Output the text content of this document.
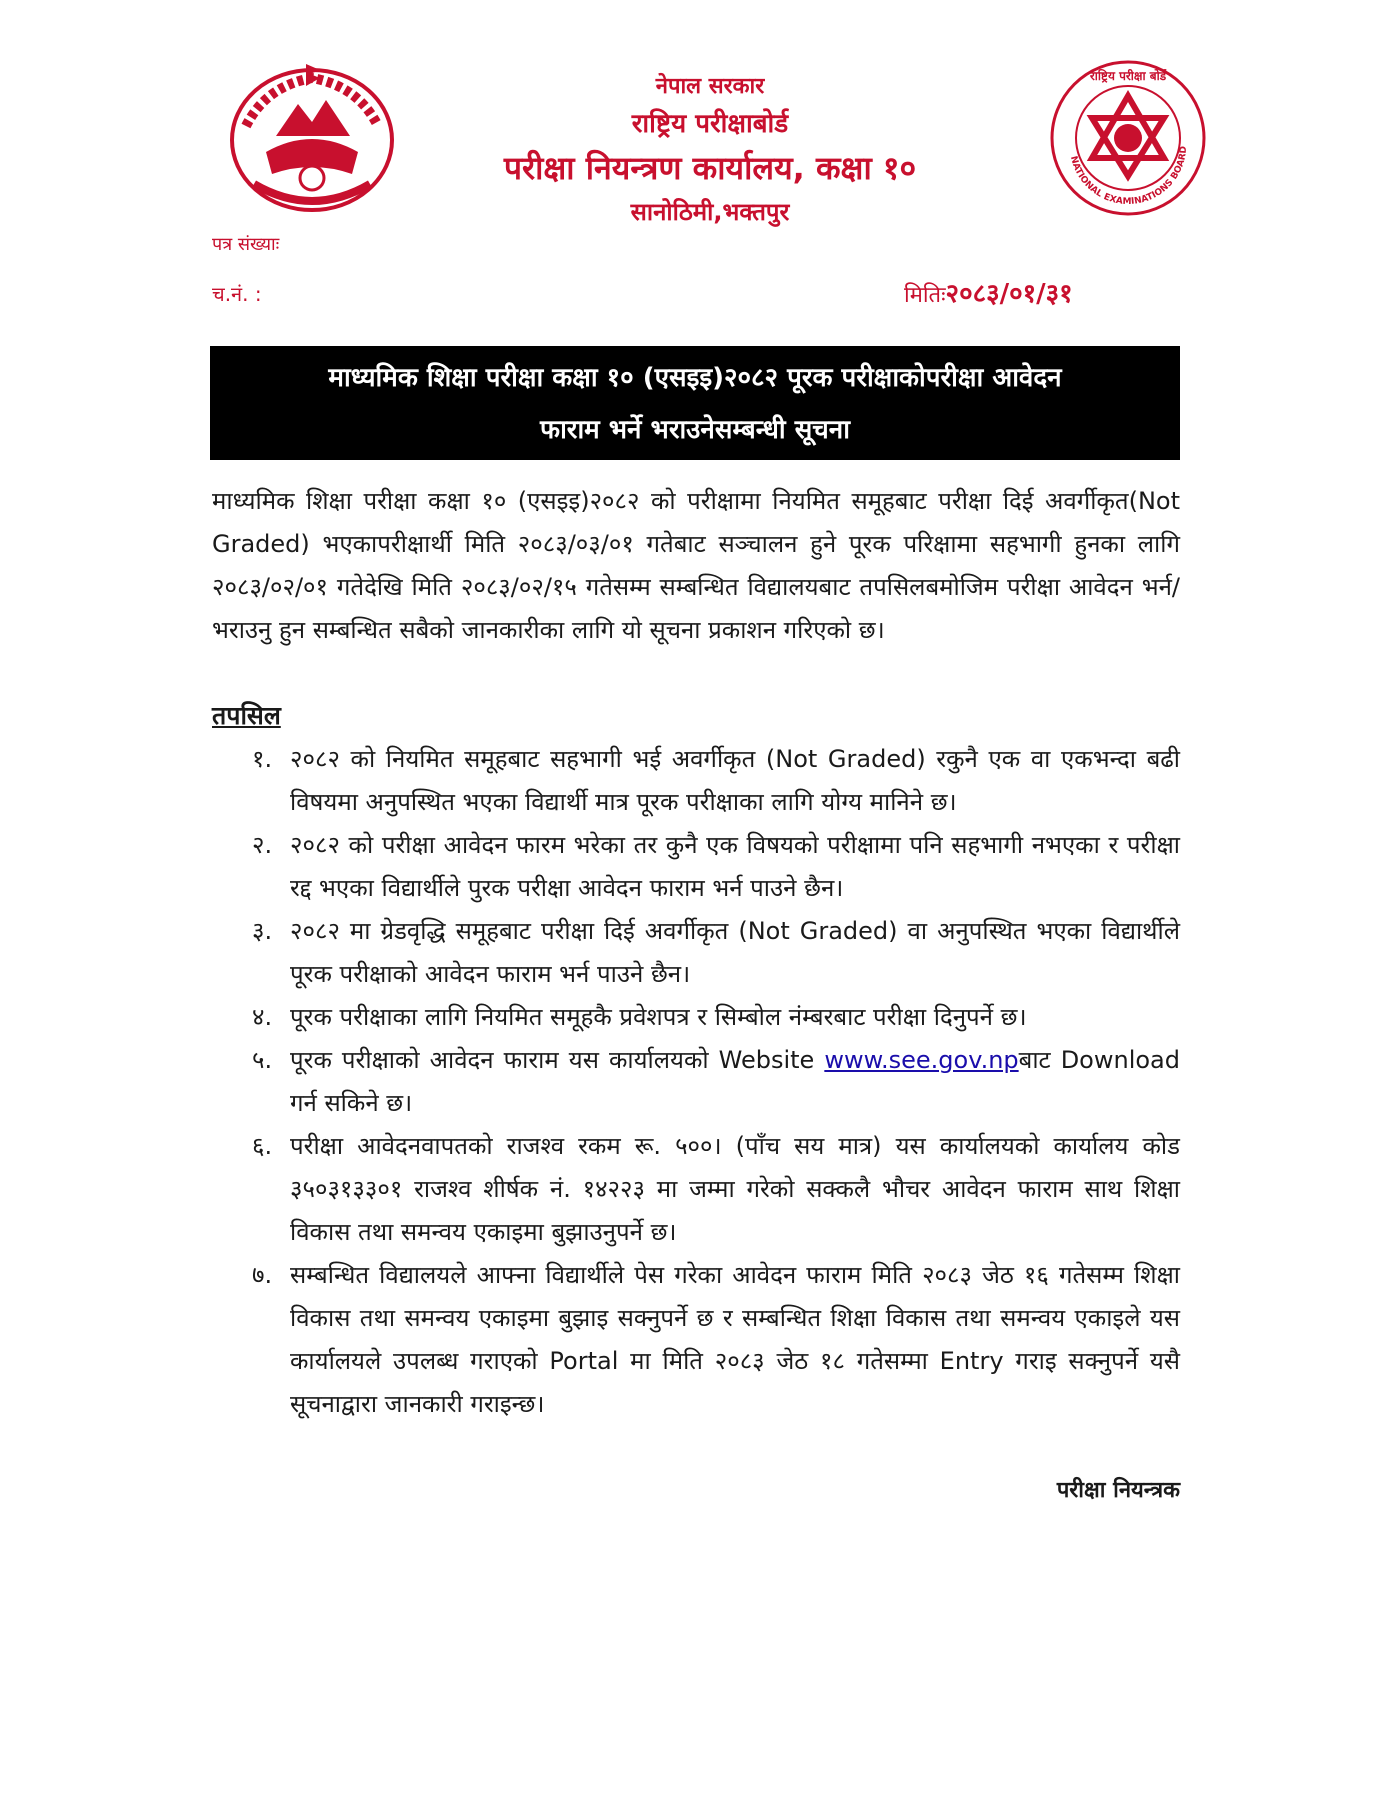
नेपाल सरकार
राष्ट्रिय परीक्षाबोर्ड
परीक्षा नियन्त्रण कार्यालय, कक्षा १०
सानोठिमी,भक्तपुर
NATIONAL EXAMINATIONS BOARD
राष्ट्रिय परीक्षा बोर्ड
पत्र संख्याः
च.नं. :	मितिः२०८३/०१/३१
माध्यमिक शिक्षा परीक्षा कक्षा १० (एसइइ)२०८२ पूरक परीक्षाकोपरीक्षा आवेदन
फाराम भर्ने भराउनेसम्बन्धी सूचना
माध्यमिक शिक्षा परीक्षा कक्षा १० (एसइइ)२०८२ को परीक्षामा नियमित समूहबाट परीक्षा दिई अवर्गीकृत(Not Graded) भएकापरीक्षार्थी मिति २०८३/०३/०१ गतेबाट सञ्चालन हुने पूरक परिक्षामा सहभागी हुनका लागि २०८३/०२/०१ गतेदेखि मिति २०८३/०२/१५ गतेसम्म सम्बन्धित विद्यालयबाट तपसिलबमोजिम परीक्षा आवेदन भर्न/भराउनु हुन सम्बन्धित सबैको जानकारीका लागि यो सूचना प्रकाशन गरिएको छ।
तपसिल
१. २०८२ को नियमित समूहबाट सहभागी भई अवर्गीकृत (Not Graded) रकुनै एक वा एकभन्दा बढी विषयमा अनुपस्थित भएका विद्यार्थी मात्र पूरक परीक्षाका लागि योग्य मानिने छ।
२. २०८२ को परीक्षा आवेदन फारम भरेका तर कुनै एक विषयको परीक्षामा पनि सहभागी नभएका र परीक्षा रद्द भएका विद्यार्थीले पुरक परीक्षा आवेदन फाराम भर्न पाउने छैन।
३. २०८२ मा ग्रेडवृद्धि समूहबाट परीक्षा दिई अवर्गीकृत (Not Graded) वा अनुपस्थित भएका विद्यार्थीले पूरक परीक्षाको आवेदन फाराम भर्न पाउने छैन।
४. पूरक परीक्षाका लागि नियमित समूहकै प्रवेशपत्र र सिम्बोल नंम्बरबाट परीक्षा दिनुपर्ने छ।
५. पूरक परीक्षाको आवेदन फाराम यस कार्यालयको Website www.see.gov.npबाट Download गर्न सकिने छ।
६. परीक्षा आवेदनवापतको राजश्व रकम रू. ५००। (पाँच सय मात्र) यस कार्यालयको कार्यालय कोड ३५०३१३३०१ राजश्व शीर्षक नं. १४२२३ मा जम्मा गरेको सक्कलै भौचर आवेदन फाराम साथ शिक्षा विकास तथा समन्वय एकाइमा बुझाउनुपर्ने छ।
७. सम्बन्धित विद्यालयले आफ्ना विद्यार्थीले पेस गरेका आवेदन फाराम मिति २०८३ जेठ १६ गतेसम्म शिक्षा विकास तथा समन्वय एकाइमा बुझाइ सक्नुपर्ने छ र सम्बन्धित शिक्षा विकास तथा समन्वय एकाइले यस कार्यालयले उपलब्ध गराएको Portal मा मिति २०८३ जेठ १८ गतेसम्मा Entry गराइ सक्नुपर्ने यसै सूचनाद्वारा जानकारी गराइन्छ।
परीक्षा नियन्त्रक
